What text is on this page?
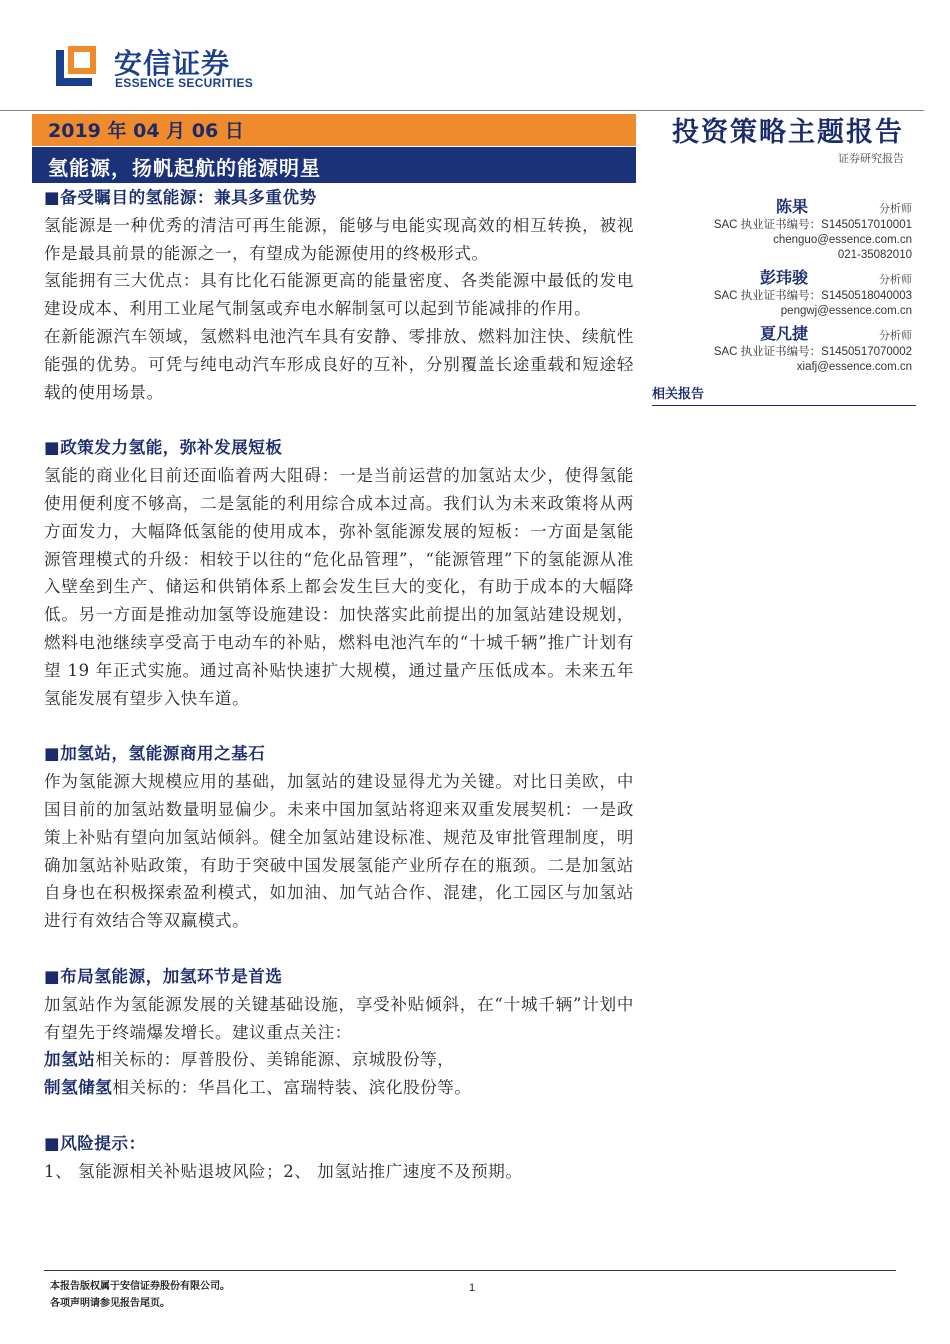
安信证券
ESSENCE SECURITIES
2019 年 04 月 06 日
氢能源，扬帆起航的能源明星
投资策略主题报告
证券研究报告

■备受瞩目的氢能源：兼具多重优势

氢能源是一种优秀的清洁可再生能源，能够与电能实现高效的相互转换，被视作是最具前景的能源之一，有望成为能源使用的终极形式。

氢能拥有三大优点：具有比化石能源更高的能量密度、各类能源中最低的发电建设成本、利用工业尾气制氢或弃电水解制氢可以起到节能减排的作用。

在新能源汽车领域，氢燃料电池汽车具有安静、零排放、燃料加注快、续航性能强的优势。可凭与纯电动汽车形成良好的互补，分别覆盖长途重载和短途轻载的使用场景。

■政策发力氢能，弥补发展短板

氢能的商业化目前还面临着两大阻碍：一是当前运营的加氢站太少，使得氢能使用便利度不够高，二是氢能的利用综合成本过高。我们认为未来政策将从两方面发力，大幅降低氢能的使用成本，弥补氢能源发展的短板：一方面是氢能源管理模式的升级：相较于以往的“危化品管理”，“能源管理”下的氢能源从准入壁垒到生产、储运和供销体系上都会发生巨大的变化，有助于成本的大幅降低。另一方面是推动加氢等设施建设：加快落实此前提出的加氢站建设规划，燃料电池继续享受高于电动车的补贴，燃料电池汽车的“十城千辆”推广计划有望 19 年正式实施。通过高补贴快速扩大规模，通过量产压低成本。未来五年氢能发展有望步入快车道。

■加氢站，氢能源商用之基石

作为氢能源大规模应用的基础，加氢站的建设显得尤为关键。对比日美欧，中国目前的加氢站数量明显偏少。未来中国加氢站将迎来双重发展契机：一是政策上补贴有望向加氢站倾斜。健全加氢站建设标准、规范及审批管理制度，明确加氢站补贴政策，有助于突破中国发展氢能产业所存在的瓶颈。二是加氢站自身也在积极探索盈利模式，如加油、加气站合作、混建，化工园区与加氢站进行有效结合等双赢模式。

■布局氢能源，加氢环节是首选

加氢站作为氢能源发展的关键基础设施，享受补贴倾斜，在“十城千辆”计划中有望先于终端爆发增长。建议重点关注：

加氢站相关标的：厚普股份、美锦能源、京城股份等，

制氢储氢相关标的：华昌化工、富瑞特装、滨化股份等。

■风险提示：

1、 氢能源相关补贴退坡风险；2、 加氢站推广速度不及预期。

陈果	分析师
SAC 执业证书编号：S1450517010001
chenguo@essence.com.cn
021-35082010
彭玮骏	分析师
SAC 执业证书编号：S1450518040003
pengwj@essence.com.cn
夏凡捷	分析师
SAC 执业证书编号：S1450517070002
xiafj@essence.com.cn
相关报告
本报告版权属于安信证券股份有限公司。
各项声明请参见报告尾页。
1
